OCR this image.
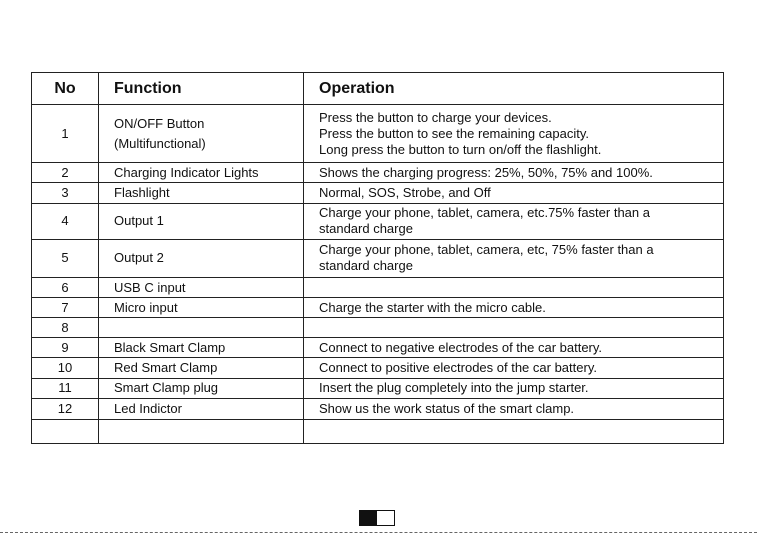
No	Function	Operation
1	ON/OFF Button
(Multifunctional)	Press the button to charge your devices.
Press the button to see the remaining capacity.
Long press the button to turn on/off the flashlight.

2	Charging Indicator Lights	Shows the charging progress: 25%, 50%, 75% and 100%.

3	Flashlight	Normal, SOS, Strobe, and Off

4	Output 1	Charge your phone, tablet, camera, etc.75% faster than a
standard charge

5	Output 2	Charge your phone, tablet, camera, etc, 75% faster than a
standard charge

6	USB C input	

7	Micro input	Charge the starter with the micro cable.

8		
9	Black Smart Clamp	Connect to negative electrodes of the car battery.

10	Red Smart Clamp	Connect to positive electrodes of the car battery.

11	Smart Clamp plug	Insert the plug completely into the jump starter.

12	Led Indictor	Show us the work status of the smart clamp.
